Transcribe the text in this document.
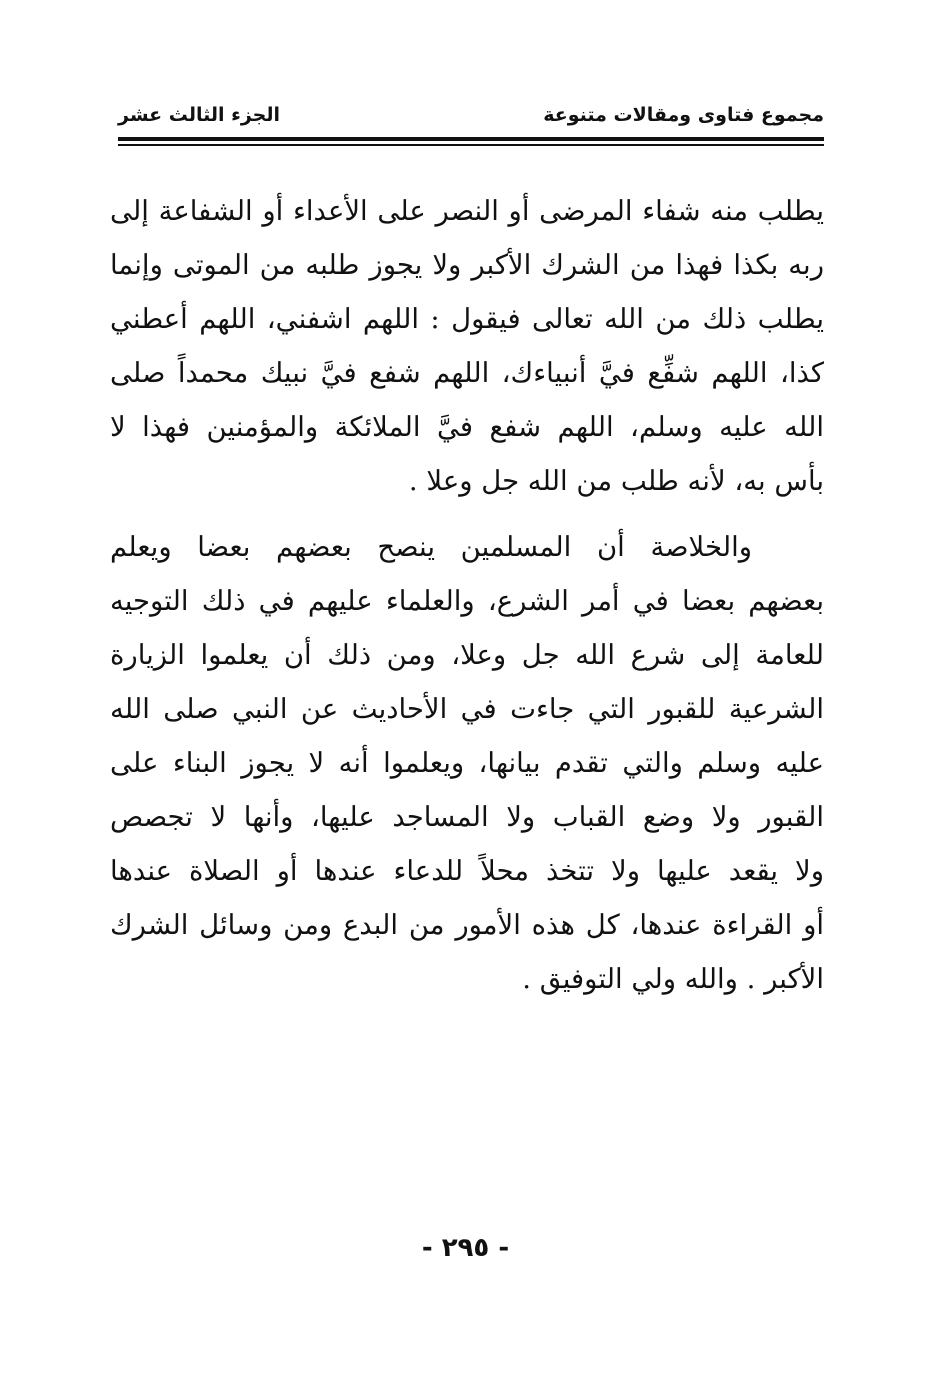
مجموع فتاوى ومقالات متنوعة
الجزء الثالث عشر
يطلب منه شفاء المرضى أو النصر على الأعداء أو الشفاعة إلى
ربه بكذا فهذا من الشرك الأكبر ولا يجوز طلبه من الموتى وإنما
يطلب ذلك من الله تعالى فيقول : اللهم اشفني، اللهم أعطني
كذا، اللهم شفِّع فيَّ أنبياءك، اللهم شفع فيَّ نبيك محمداً صلى
الله عليه وسلم، اللهم شفع فيَّ الملائكة والمؤمنين فهذا لا
بأس به، لأنه طلب من الله جل وعلا .
والخلاصة أن المسلمين ينصح بعضهم بعضا ويعلم
بعضهم بعضا في أمر الشرع، والعلماء عليهم في ذلك التوجيه
للعامة إلى شرع الله جل وعلا، ومن ذلك أن يعلموا الزيارة
الشرعية للقبور التي جاءت في الأحاديث عن النبي صلى الله
عليه وسلم والتي تقدم بيانها، ويعلموا أنه لا يجوز البناء على
القبور ولا وضع القباب ولا المساجد عليها، وأنها لا تجصص
ولا يقعد عليها ولا تتخذ محلاً للدعاء عندها أو الصلاة عندها
أو القراءة عندها، كل هذه الأمور من البدع ومن وسائل الشرك
الأكبر . والله ولي التوفيق .
- ٢٩٥ -
